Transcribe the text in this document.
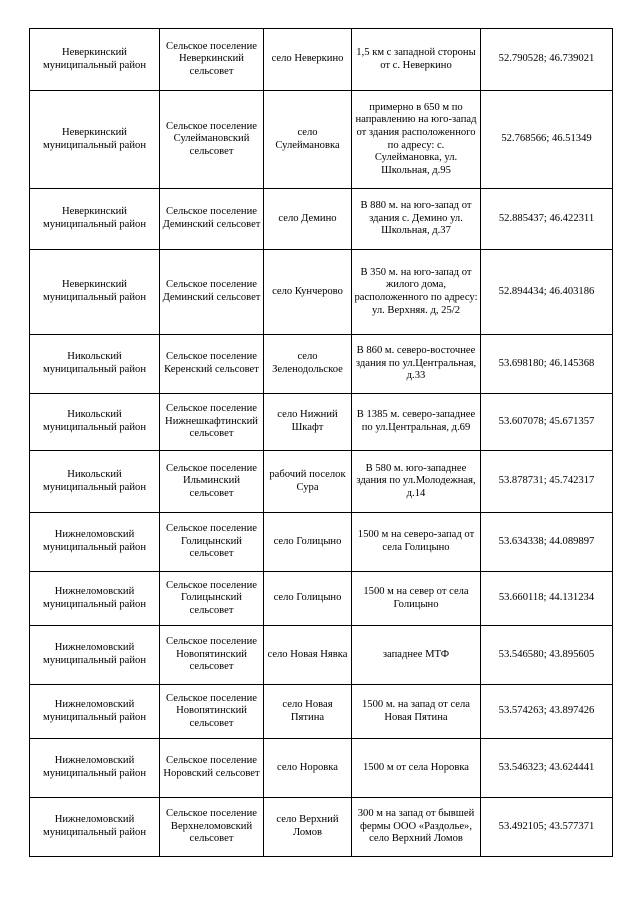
Неверкинский муниципальный район	Сельское поселение Неверкинский сельсовет	село Неверкино	1,5 км с западной стороны от с. Неверкино	52.790528; 46.739021
Неверкинский муниципальный район	Сельское поселение Сулеймановский сельсовет	село Сулеймановка	примерно в 650 м по направлению на юго-запад от здания расположенного по адресу: с. Сулеймановка, ул. Школьная, д.95	52.768566; 46.51349
Неверкинский муниципальный район	Сельское поселение Деминский сельсовет	село Демино	В 880 м. на юго-запад от здания с. Демино ул. Школьная, д.37	52.885437; 46.422311
Неверкинский муниципальный район	Сельское поселение Деминский сельсовет	село Кунчерово	В 350 м. на юго-запад от жилого дома, расположенного по адресу: ул. Верхняя. д, 25/2	52.894434; 46.403186
Никольский муниципальный район	Сельское поселение Керенский сельсовет	село Зеленодольское	В 860 м. северо-восточнее здания по ул.Центральная, д.33	53.698180; 46.145368
Никольский муниципальный район	Сельское поселение Нижнешкафтинский сельсовет	село Нижний Шкафт	В 1385 м. северо-западнее по ул.Центральная, д.69	53.607078; 45.671357
Никольский муниципальный район	Сельское поселение Ильминский сельсовет	рабочий поселок Сура	В 580 м. юго-западнее здания по ул.Молодежная, д.14	53.878731; 45.742317
Нижнеломовский муниципальный район	Сельское поселение Голицынский сельсовет	село Голицыно	1500 м на северо-запад от села Голицыно	53.634338; 44.089897
Нижнеломовский муниципальный район	Сельское поселение Голицынский сельсовет	село Голицыно	1500 м на север от села Голицыно	53.660118; 44.131234
Нижнеломовский муниципальный район	Сельское поселение Новопятинский сельсовет	село Новая Нявка	западнее МТФ	53.546580; 43.895605
Нижнеломовский муниципальный район	Сельское поселение Новопятинский сельсовет	село Новая Пятина	1500 м. на запад от села Новая Пятина	53.574263; 43.897426
Нижнеломовский муниципальный район	Сельское поселение Норовский сельсовет	село Норовка	1500 м от села Норовка	53.546323; 43.624441
Нижнеломовский муниципальный район	Сельское поселение Верхнеломовский сельсовет	село Верхний Ломов	300 м на запад от бывшей фермы ООО «Раздолье», село Верхний Ломов	53.492105; 43.577371
